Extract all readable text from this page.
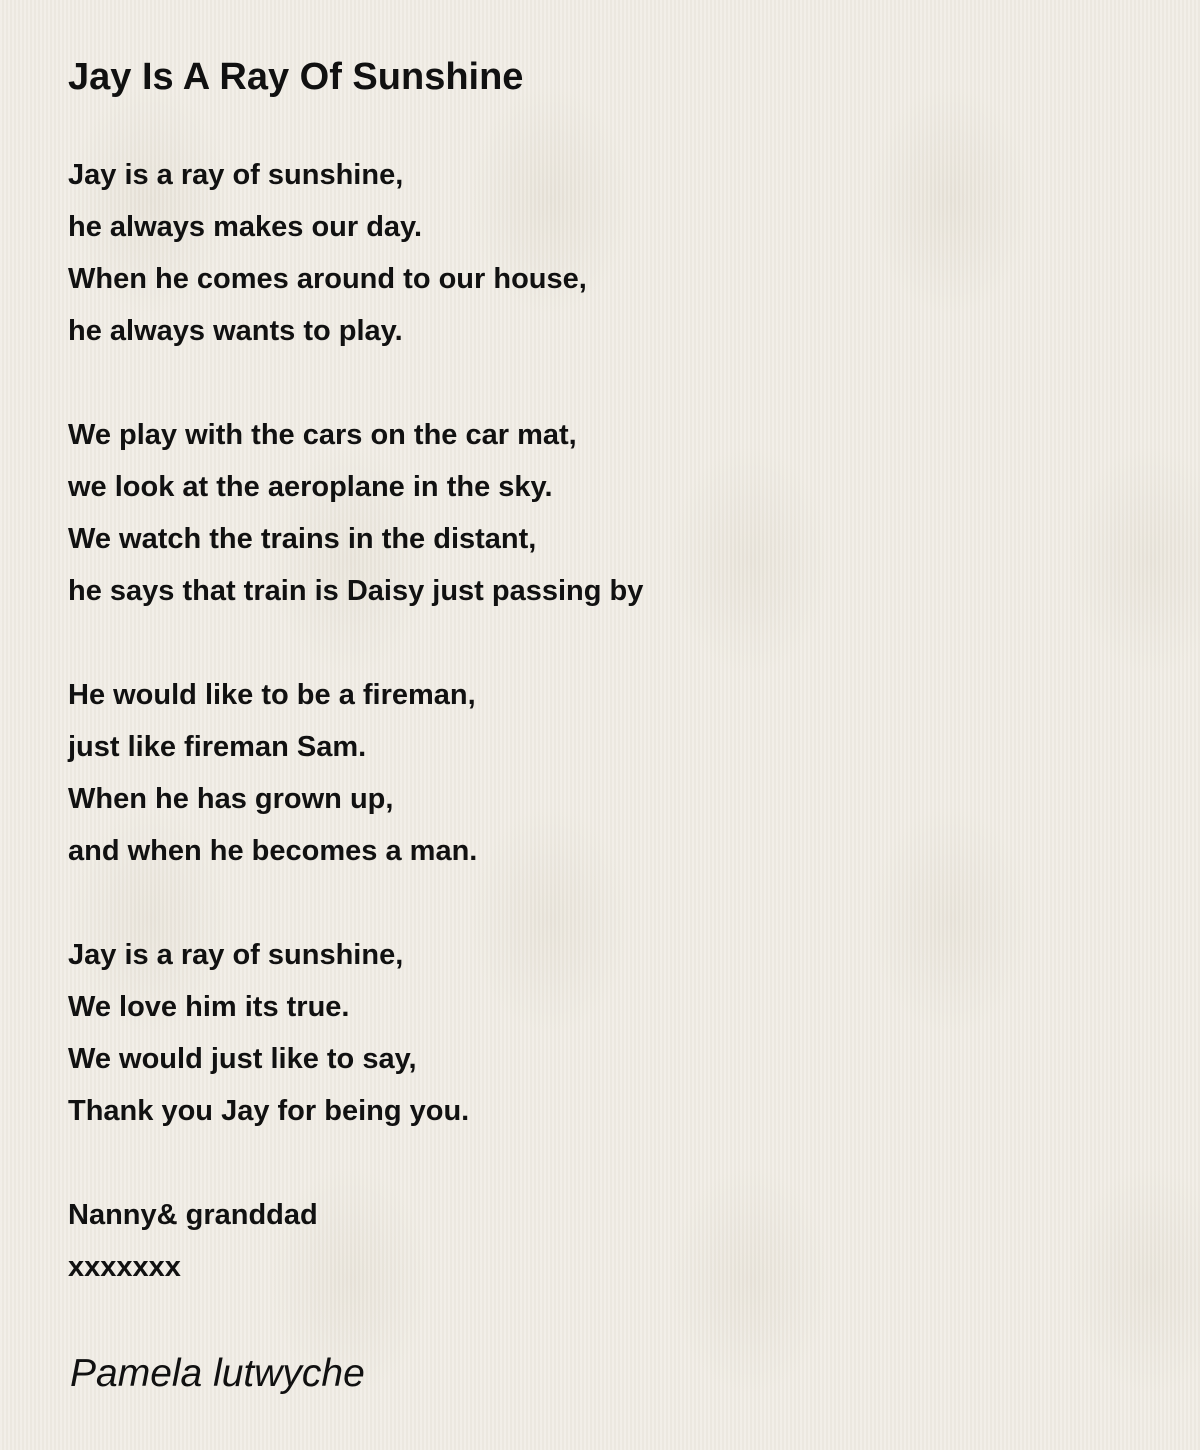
Jay Is A Ray Of Sunshine
Jay is a ray of sunshine,
he always makes our day.
When he comes around to our house,
he always wants to play.
We play with the cars on the car mat,
we look at the aeroplane in the sky.
We watch the trains in the distant,
he says that train is Daisy just passing by
He would like to be a fireman,
just like fireman Sam.
When he has grown up,
and when he becomes a man.
Jay is a ray of sunshine,
We love him its true.
We would just like to say,
Thank you Jay for being you.
Nanny& granddad
xxxxxxx
Pamela lutwyche
